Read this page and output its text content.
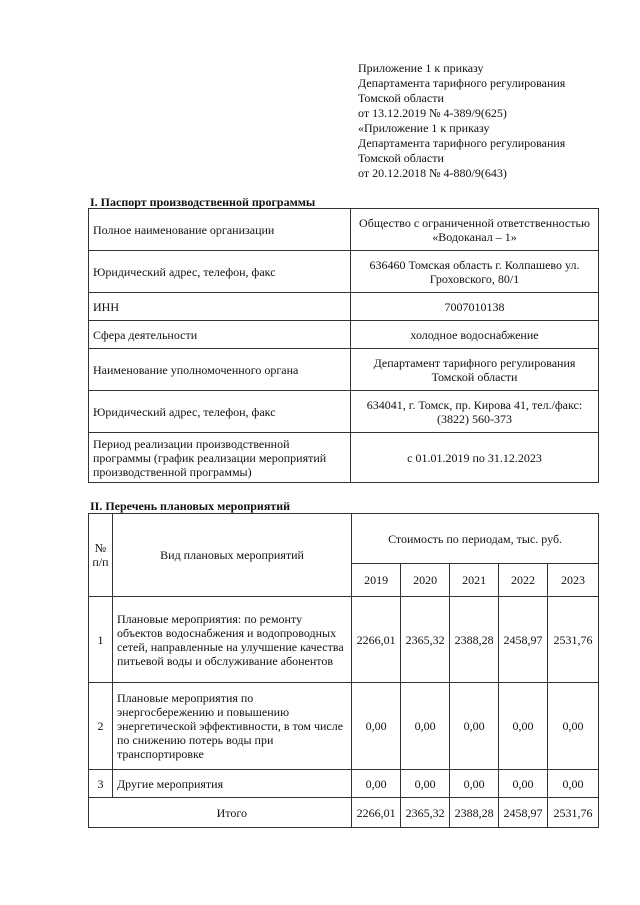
Приложение 1 к приказу
Департамента тарифного регулирования
Томской области
от 13.12.2019 № 4-389/9(625)
«Приложение 1 к приказу
Департамента тарифного регулирования
Томской области
от 20.12.2018 № 4-880/9(643)
I. Паспорт производственной программы
Полное наименование организации	Общество с ограниченной ответственностью «Водоканал – 1»
Юридический адрес, телефон, факс	636460 Томская область г. Колпашево ул. Гроховского, 80/1
ИНН	7007010138
Сфера деятельности	холодное водоснабжение
Наименование уполномоченного органа	Департамент тарифного регулирования Томской области
Юридический адрес, телефон, факс	634041, г. Томск, пр. Кирова 41, тел./факс: (3822) 560-373
Период реализации производственной программы (график реализации мероприятий производственной программы)	с 01.01.2019 по 31.12.2023
II. Перечень плановых мероприятий
№ п/п	Вид плановых мероприятий	Стоимость по периодам, тыс. руб.				
		2019	2020	2021	2022	2023
1	Плановые мероприятия: по ремонту объектов водоснабжения и водопроводных сетей, направленные на улучшение качества питьевой воды и обслуживание абонентов	2266,01	2365,32	2388,28	2458,97	2531,76
2	Плановые мероприятия по энергосбережению и повышению энергетической эффективности, в том числе по снижению потерь воды при транспортировке	0,00	0,00	0,00	0,00	0,00
3	Другие мероприятия	0,00	0,00	0,00	0,00	0,00
	Итого	2266,01	2365,32	2388,28	2458,97	2531,76
